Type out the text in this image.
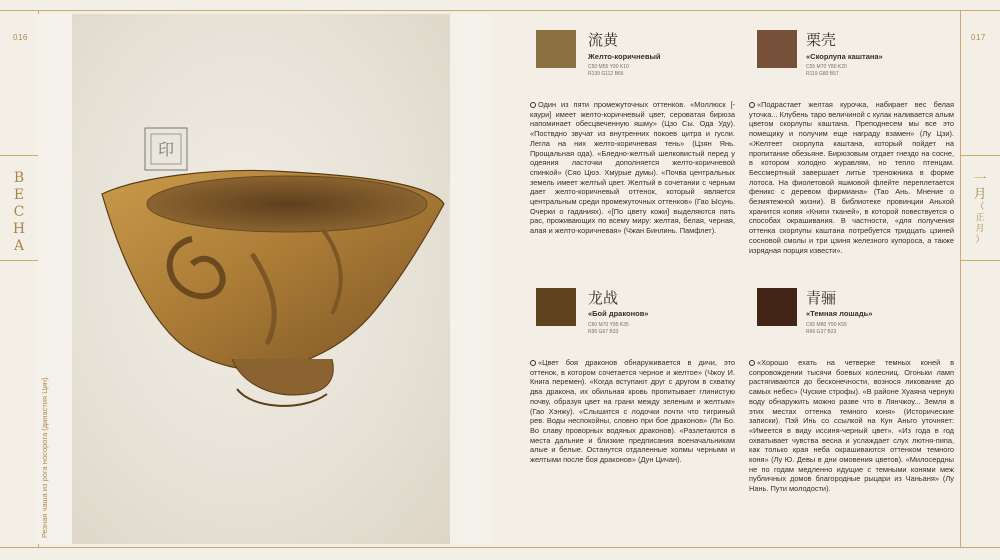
016	017
В
Е
С
Н
А
一
月
（
正
月
）
印
Резная чаша из рога носорога (династия Цин)
流黄
Желто-коричневый
C50 M55 Y90 K10
R139 G112 B66
Один из пяти промежуточных оттенков. «Моллюск [-каури] имеет желто-коричневый цвет, сероватая бирюза напоминает обесцвеченную яшму» (Цзо Сы. Ода Уду). «Поствдно звучат из внутренних покоев цитра и гусли. Легла на них желто-коричневая тень» (Цзян Янь. Прощальная ода). «Бледно-желтый шелковистый перед у одеяния ласточки дополняется желто-коричневой спинкой» (Сяо Цюэ. Хмурые думы). «Почва центральных земель имеет желтый цвет. Желтый в сочетании с черным дает желто-коричневый оттенок, который является центральным среди промежуточных оттенков» (Гао Ысунь. Очерки о гаданиях). «[По цвету кожи] выделяются пять рас, проживающих по всему миру: желтая, белая, черная, алая и желто-коричневая» (Чжан Бинлинь. Памфлет).
栗壳
«Скорлупа каштана»
C55 M70 Y80 K20
R119 G80 B57
«Подрастает желтая курочка, набирает вес белая уточка... Клубень таро величиной с кулак наливается алым цветом скорлупы каштана. Преподнесем мы все это помещику и получим еще награду взамен» (Лу Цзи). «Желтеет скорлупа каштана, который пойдет на пропитание обезьяне. Бирюзовым отдает гнездо на сосне, в котором холодно журавлям, но тепло птенцам. Бессмертный завершает литье треножника в форме лотоса. На фиолетовой яшмовой флейте переплетается феникс с деревом фирмиана» (Тао Ань. Мнение о безмятежной жизни). В библиотеке провинции Аньхой хранится копия «Книги тканей», в которой повествуется о способах окрашивания. В частности, «для получения оттенка скорлупы каштана потребуется тридцать цзиней сосновой смолы и три цзиня железного купороса, а также изрядная порция извести».
龙战
«Бой драконов»
C60 M70 Y95 K35
R95 G67 B33
«Цвет боя драконов обнаруживается в дичи, это оттенок, в котором сочетается черное и желтое» (Чжоу И. Книга перемен). «Когда вступают друг с другом в схватку два дракона, их обильная кровь пропитывает глинистую почву, образуя цвет на грани между зеленым и желтым» (Гао Хэнжу). «Слышится с лодочки почти что тигриный рев. Воды неспокойны, словно при бое драконов» (Ли Бо. Во славу проворных водяных драконов). «Разлетаются в места дальние и близкие предписания военачальникам алые и белые. Останутся отдаленные холмы черными и желтыми после боя драконов» (Дун Цичан).
青骊
«Темная лошадь»
C65 M80 Y90 K55
R66 G37 B23
«Хорошо ехать на четверке темных коней в сопровождении тысячи боевых колесниц. Огоньки ламп растягиваются до бесконечности, вознося ликование до самых небес» (Чуские строфы). «В районе Хуаяна черную воду обнаружить можно разве что в Лянчжоу... Земля в этих местах оттенка темного коня» (Исторические записки). Пэй Инь со ссылкой на Кун Аньго уточняет: «Имеется в виду иссиня-черный цвет». «Из года в год охватывает чувства весна и услаждает слух лютня-пипа, как только края неба окрашиваются оттенком темного коня» (Лу Ю. Девы в дни омовения цветов). «Милосердны не по годам медленно идущие с темными конями меж публичных домов благородные рыцари из Чаньаня» (Лу Нань. Пути молодости).
